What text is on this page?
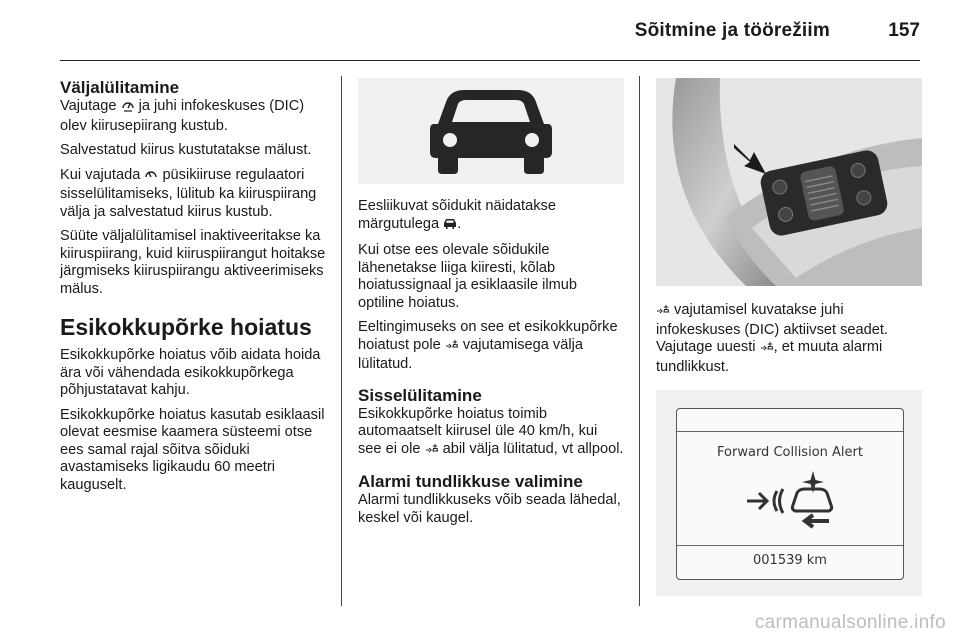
Sõitmine ja töörežiim	157
Väljalülitamine

Vajutage  ja juhi infokeskuses (DIC) olev kiirusepiirang kustub.

Salvestatud kiirus kustutatakse mälust.

Kui vajutada  püsikiiruse regulaatori sisselülitamiseks, lülitub ka kiiruspiirang välja ja salvestatud kiirus kustub.

Süüte väljalülitamisel inaktiveeritakse ka kiiruspiirang, kuid kiiruspiirangut hoitakse järgmiseks kiiruspiirangu aktiveerimiseks mälus.

Esikokkupõrke hoiatus

Esikokkupõrke hoiatus võib aidata hoida ära või vähendada esikokkupõrkega põhjustatavat kahju.

Esikokkupõrke hoiatus kasutab esiklaasil olevat eesmise kaamera süsteemi otse ees samal rajal sõitva sõiduki avastamiseks ligikaudu 60 meetri kauguselt.

Eesliikuvat sõidukit näidatakse märgutulega .

Kui otse ees olevale sõidukile lähenetakse liiga kiiresti, kõlab hoiatussignaal ja esiklaasile ilmub optiline hoiatus.

Eeltingimuseks on see et esikokkupõrke hoiatust pole  vajutamisega välja lülitatud.

Sisselülitamine

Esikokkupõrke hoiatus toimib automaatselt kiirusel üle 40 km/h, kui see ei ole  abil välja lülitatud, vt allpool.

Alarmi tundlikkuse valimine

Alarmi tundlikkuseks võib seada lähedal, keskel või kaugel.

vajutamisel kuvatakse juhi infokeskuses (DIC) aktiivset seadet. Vajutage uuesti , et muuta alarmi tundlikkust.

Forward Collision Alert
001539 km
carmanualsonline.info
